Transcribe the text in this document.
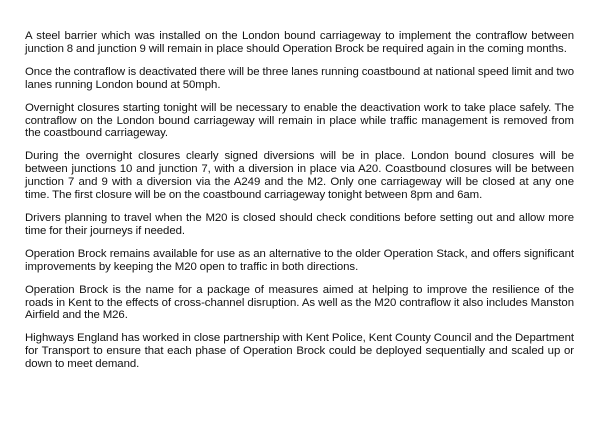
A steel barrier which was installed on the London bound carriageway to implement the contraflow between junction 8 and junction 9 will remain in place should Operation Brock be required again in the coming months.

Once the contraflow is deactivated there will be three lanes running coastbound at national speed limit and two lanes running London bound at 50mph.

Overnight closures starting tonight will be necessary to enable the deactivation work to take place safely. The contraflow on the London bound carriageway will remain in place while traffic management is removed from the coastbound carriageway.

During the overnight closures clearly signed diversions will be in place. London bound closures will be between junctions 10 and junction 7, with a diversion in place via A20. Coastbound closures will be between junction 7 and 9 with a diversion via the A249 and the M2. Only one carriageway will be closed at any one time. The first closure will be on the coastbound carriageway tonight between 8pm and 6am.

Drivers planning to travel when the M20 is closed should check conditions before setting out and allow more time for their journeys if needed.

Operation Brock remains available for use as an alternative to the older Operation Stack, and offers significant improvements by keeping the M20 open to traffic in both directions.

Operation Brock is the name for a package of measures aimed at helping to improve the resilience of the roads in Kent to the effects of cross-channel disruption. As well as the M20 contraflow it also includes Manston Airfield and the M26.

Highways England has worked in close partnership with Kent Police, Kent County Council and the Department for Transport to ensure that each phase of Operation Brock could be deployed sequentially and scaled up or down to meet demand.
